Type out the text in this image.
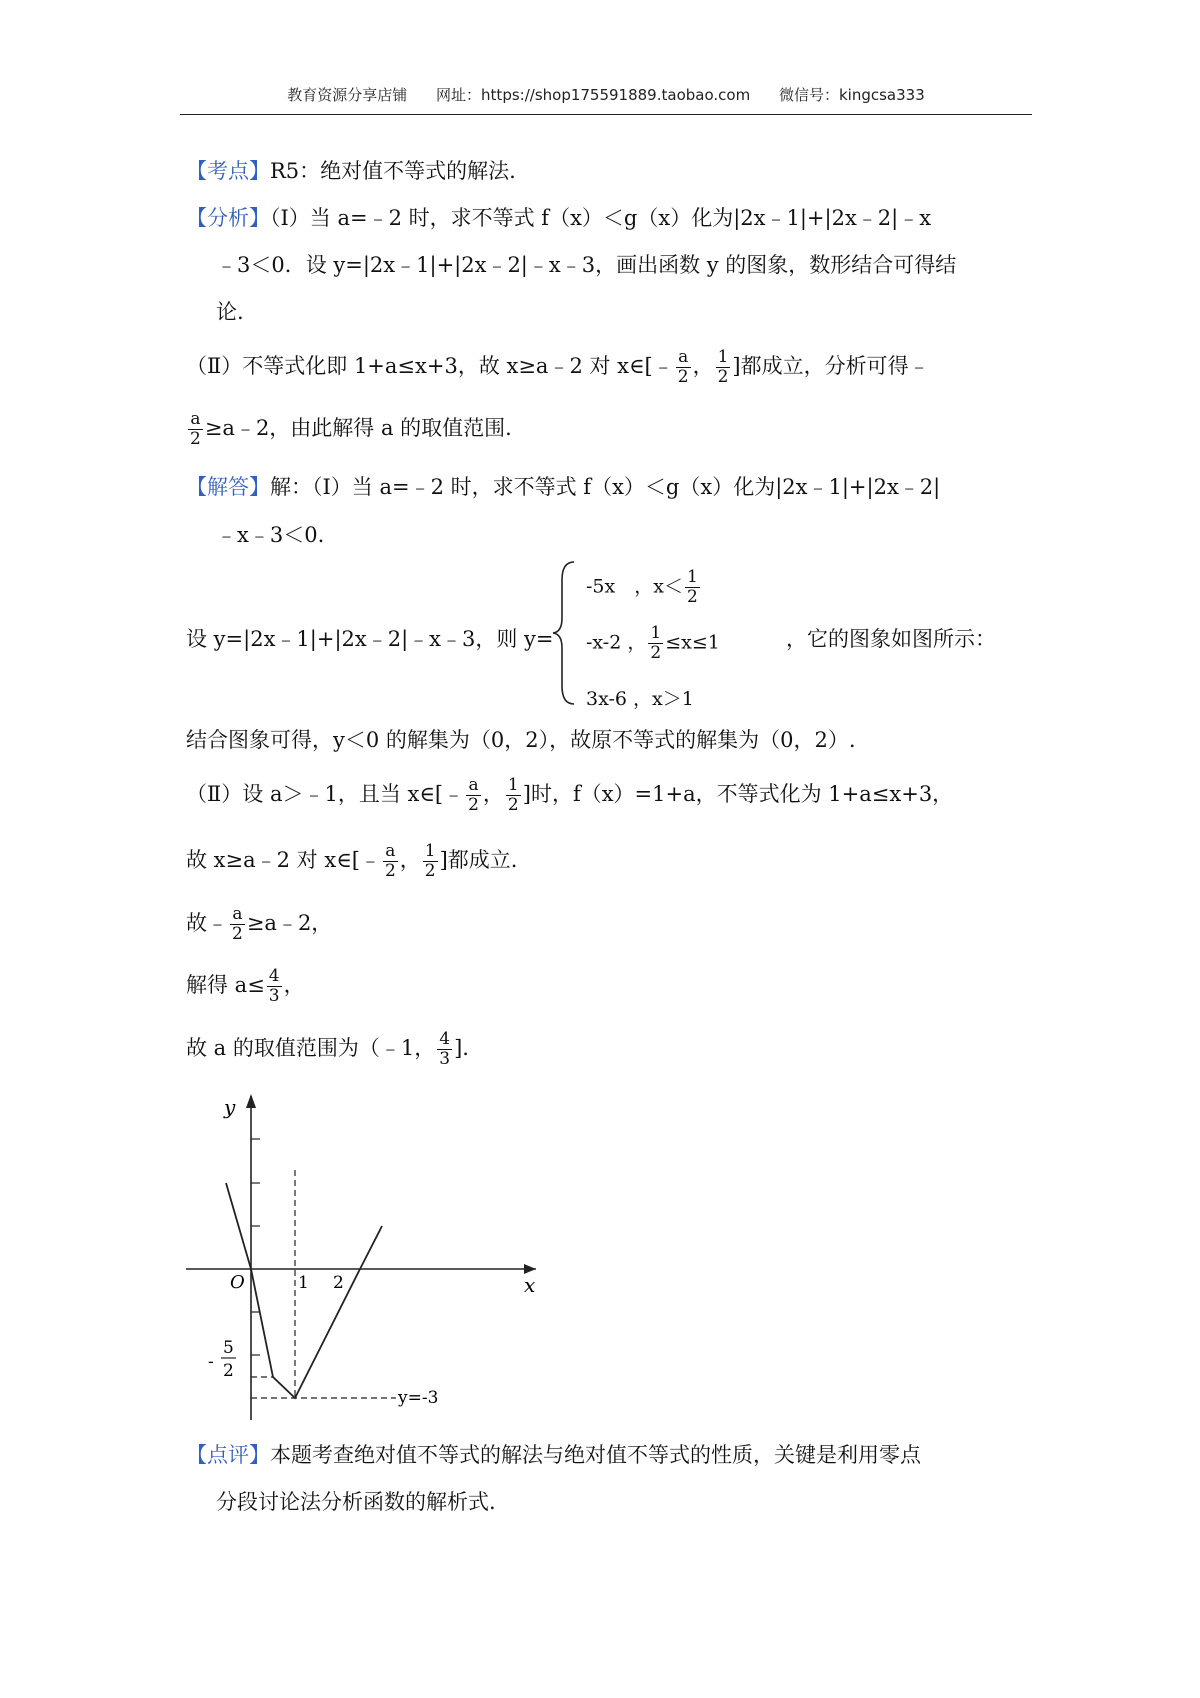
教育资源分享店铺 网址：https://shop175591889.taobao.com 微信号：kingcsa333
【考点】R5：绝对值不等式的解法.
【分析】（Ⅰ）当 a=﹣2 时，求不等式 f（x）＜g（x）化为|2x﹣1|+|2x﹣2|﹣x
﹣3＜0．设 y=|2x﹣1|+|2x﹣2|﹣x﹣3，画出函数 y 的图象，数形结合可得结
论.
（Ⅱ）不等式化即 1+a≤x+3，故 x≥a﹣2 对 x∈[﹣ $\frac{a}{2}$ ， $\frac{1}{2}$ ]都成立，分析可得﹣
$\frac{a}{2}$ ≥a﹣2，由此解得 a 的取值范围.
【解答】解：（Ⅰ）当 a=﹣2 时，求不等式 f（x）＜g（x）化为|2x﹣1|+|2x﹣2|
﹣x﹣3＜0.
设 y=|2x﹣1|+|2x﹣2|﹣x﹣3，则 y=
-5x　，$x< \frac{1}{2}$
-x-2 ， $\frac{1}{2} \le x\le 1$
3x-6 ，x＞1
，它的图象如图所示：
结合图象可得，y＜0 的解集为（0，2），故原不等式的解集为（0，2）.
（Ⅱ）设 a＞﹣1，且当 x∈[﹣ $\frac{a}{2}$ ， $\frac{1}{2}$ ]时，f（x）=1+a，不等式化为 1+a≤x+3，
故 x≥a﹣2 对 x∈[﹣ $\frac{a}{2}$ ， $\frac{1}{2}$ ]都成立.
故﹣ $\frac{a}{2}$ ≥a﹣2，
解得 $a\le \frac{4}{3}$ ，
故 a 的取值范围为（﹣1， $\frac{4}{3}$ ].
y
x
O	1 2
-
5
2
y=-3
【点评】本题考查绝对值不等式的解法与绝对值不等式的性质，关键是利用零点
分段讨论法分析函数的解析式.
